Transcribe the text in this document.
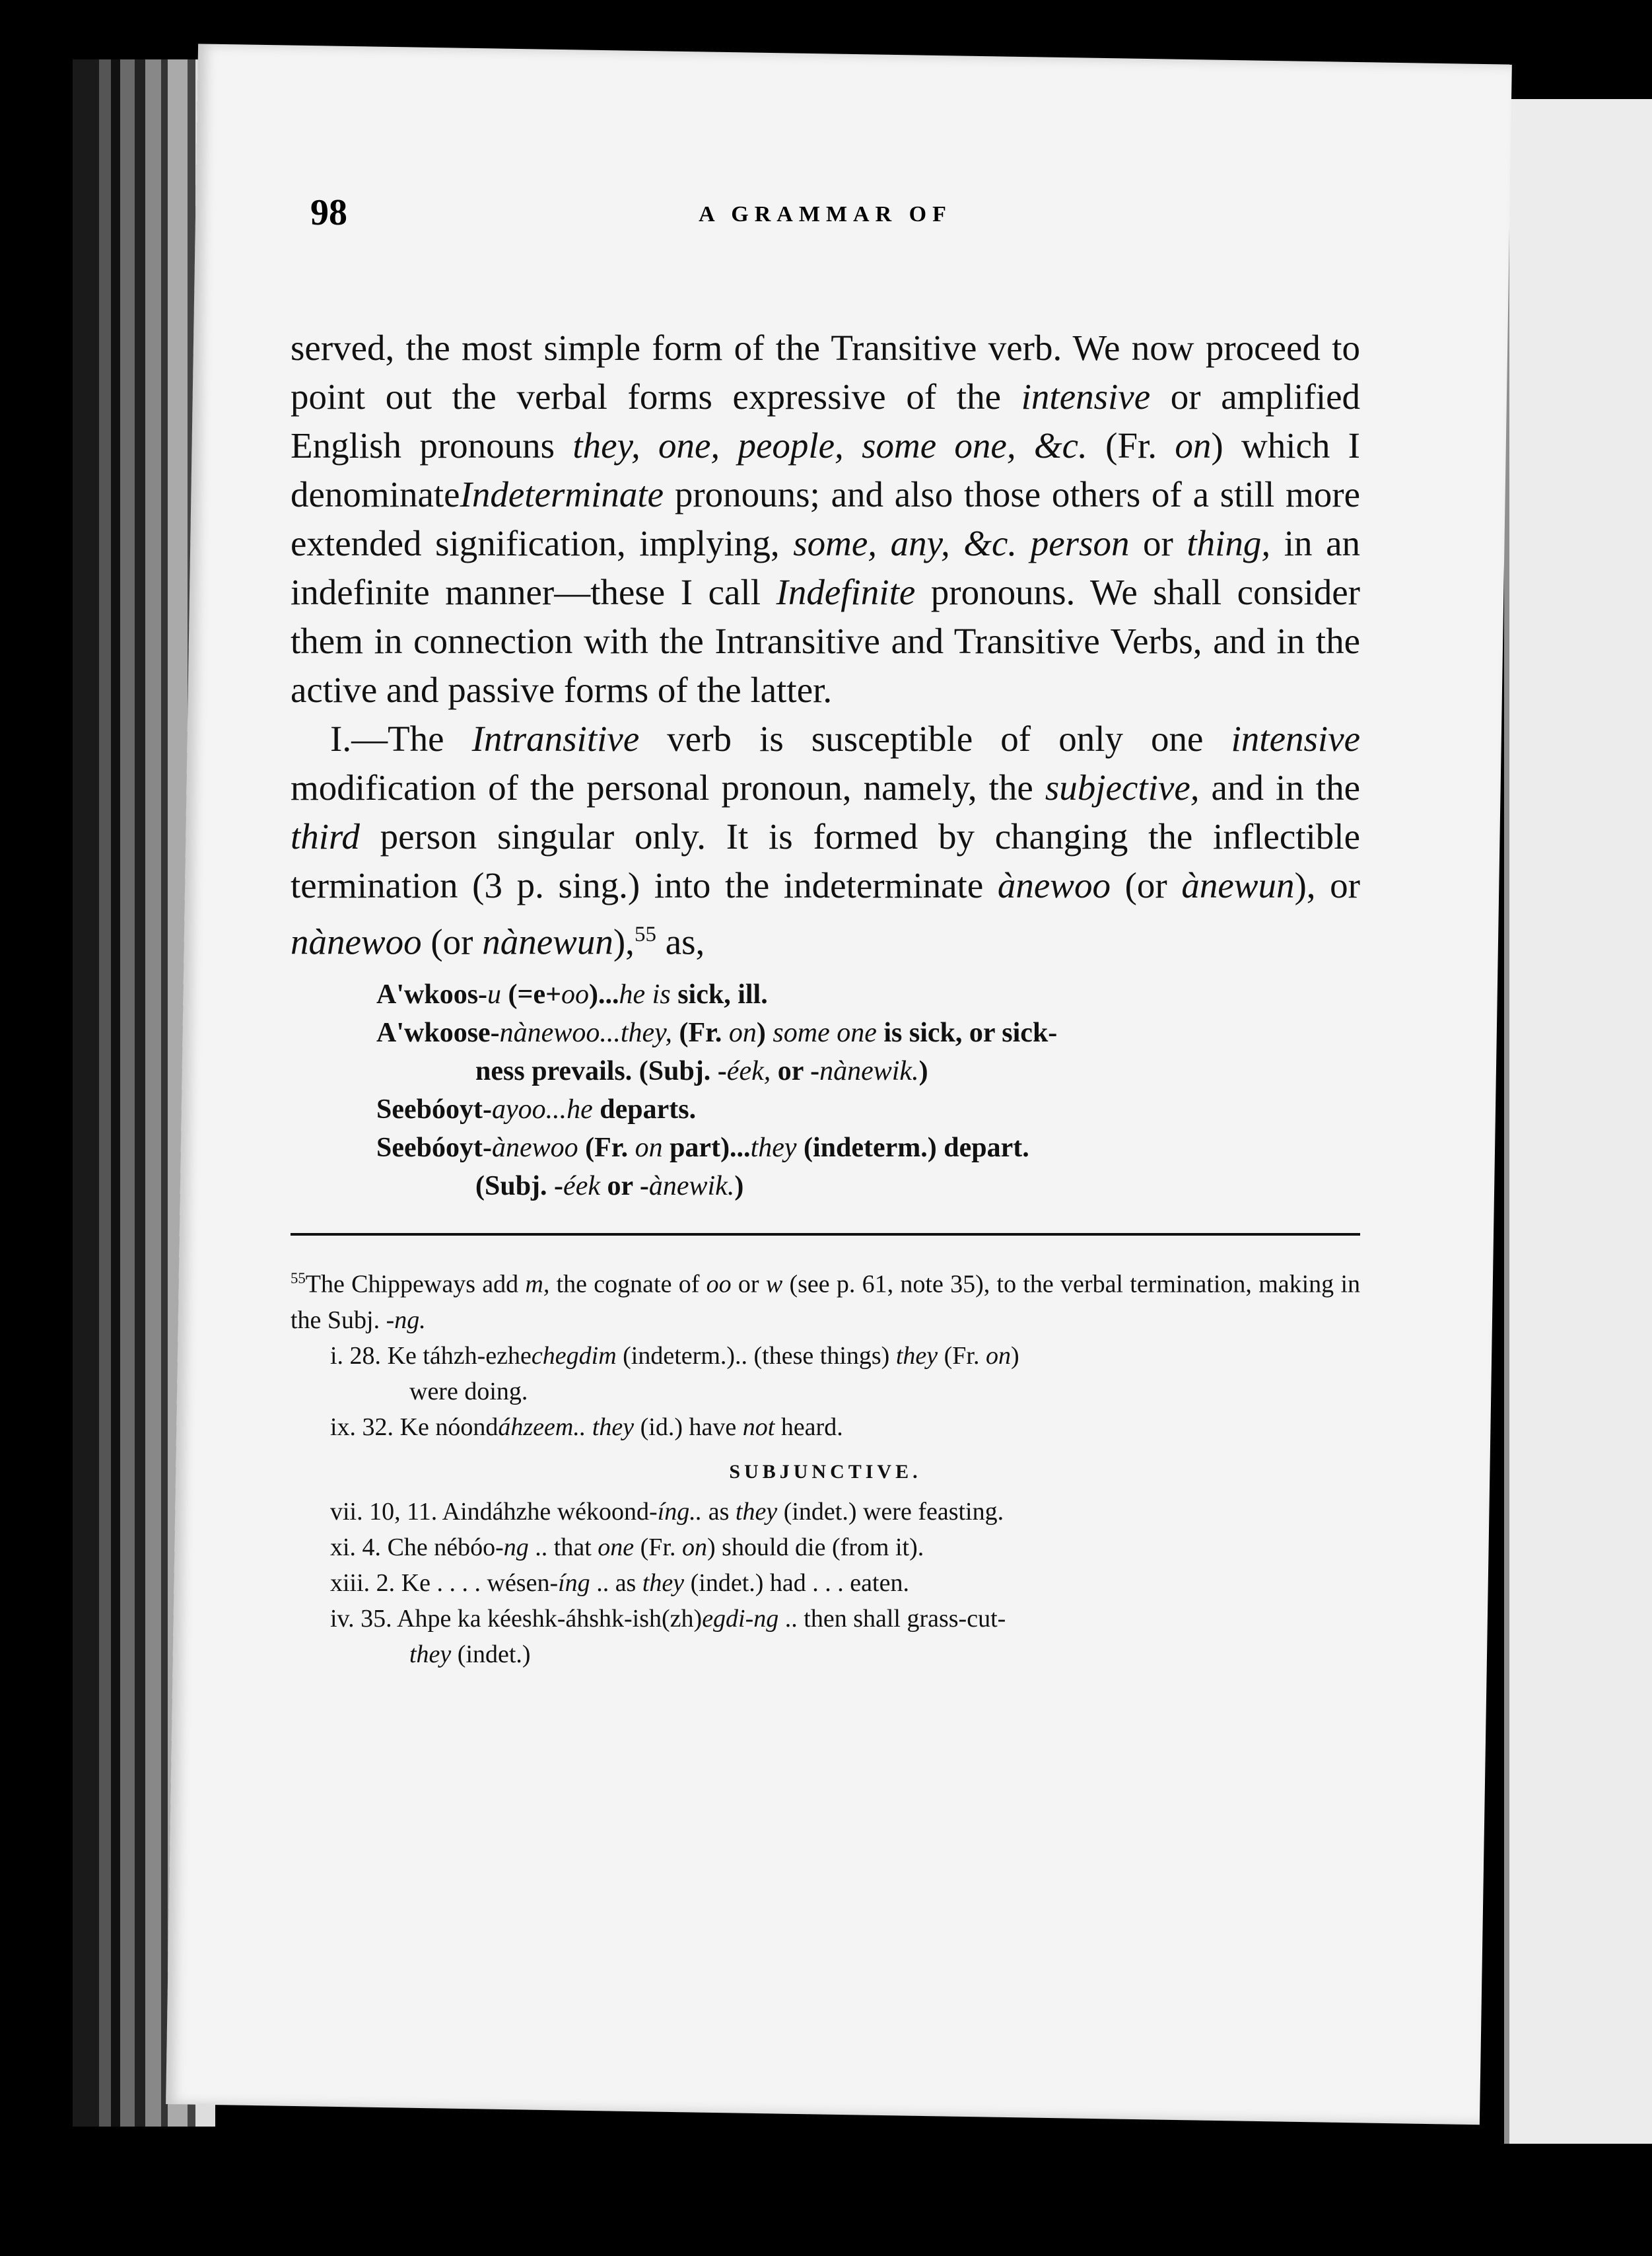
98	A GRAMMAR OF

served, the most simple form of the Transitive verb. We now proceed to point out the verbal forms expressive of the intensive or amplified English pronouns they, one, people, some one, &c. (Fr. on) which I denominateIndeterminate pronouns; and also those others of a still more extended signification, implying, some, any, &c. person or thing, in an indefinite manner—these I call Indefinite pronouns. We shall consider them in connection with the Intransitive and Transitive Verbs, and in the active and passive forms of the latter.

I.—The Intransitive verb is susceptible of only one intensive modification of the personal pronoun, namely, the subjective, and in the third person singular only. It is formed by changing the inflectible termination (3 p. sing.) into the indeterminate ànewoo (or ànewun), or nànewoo (or nànewun),$^{55}$ as,

A'wkoos-u (=e+oo)...he is sick, ill.

A'wkoose-nànewoo...they, (Fr. on) some one is sick, or sick-

ness prevails. (Subj. -éek, or -nànewik.)

Seebóoyt-ayoo...he departs.

Seebóoyt-ànewoo (Fr. on part)...they (indeterm.) depart.

(Subj. -éek or -ànewik.)

$^{55}$The Chippeways add m, the cognate of oo or w (see p. 61, note 35), to the verbal termination, making in the Subj. -ng.

i. 28. Ke táhzh-ezhechegdim (indeterm.).. (these things) they (Fr. on)
were doing.

ix. 32. Ke nóondáhzeem.. they (id.) have not heard.

SUBJUNCTIVE.

vii. 10, 11. Aindáhzhe wékoond-íng.. as they (indet.) were feasting.

xi. 4. Che nébóo-ng .. that one (Fr. on) should die (from it).

xiii. 2. Ke . . . . wésen-íng .. as they (indet.) had . . . eaten.

iv. 35. Ahpe ka kéeshk-áhshk-ish(zh)egdi-ng .. then shall grass-cut-
they (indet.)
